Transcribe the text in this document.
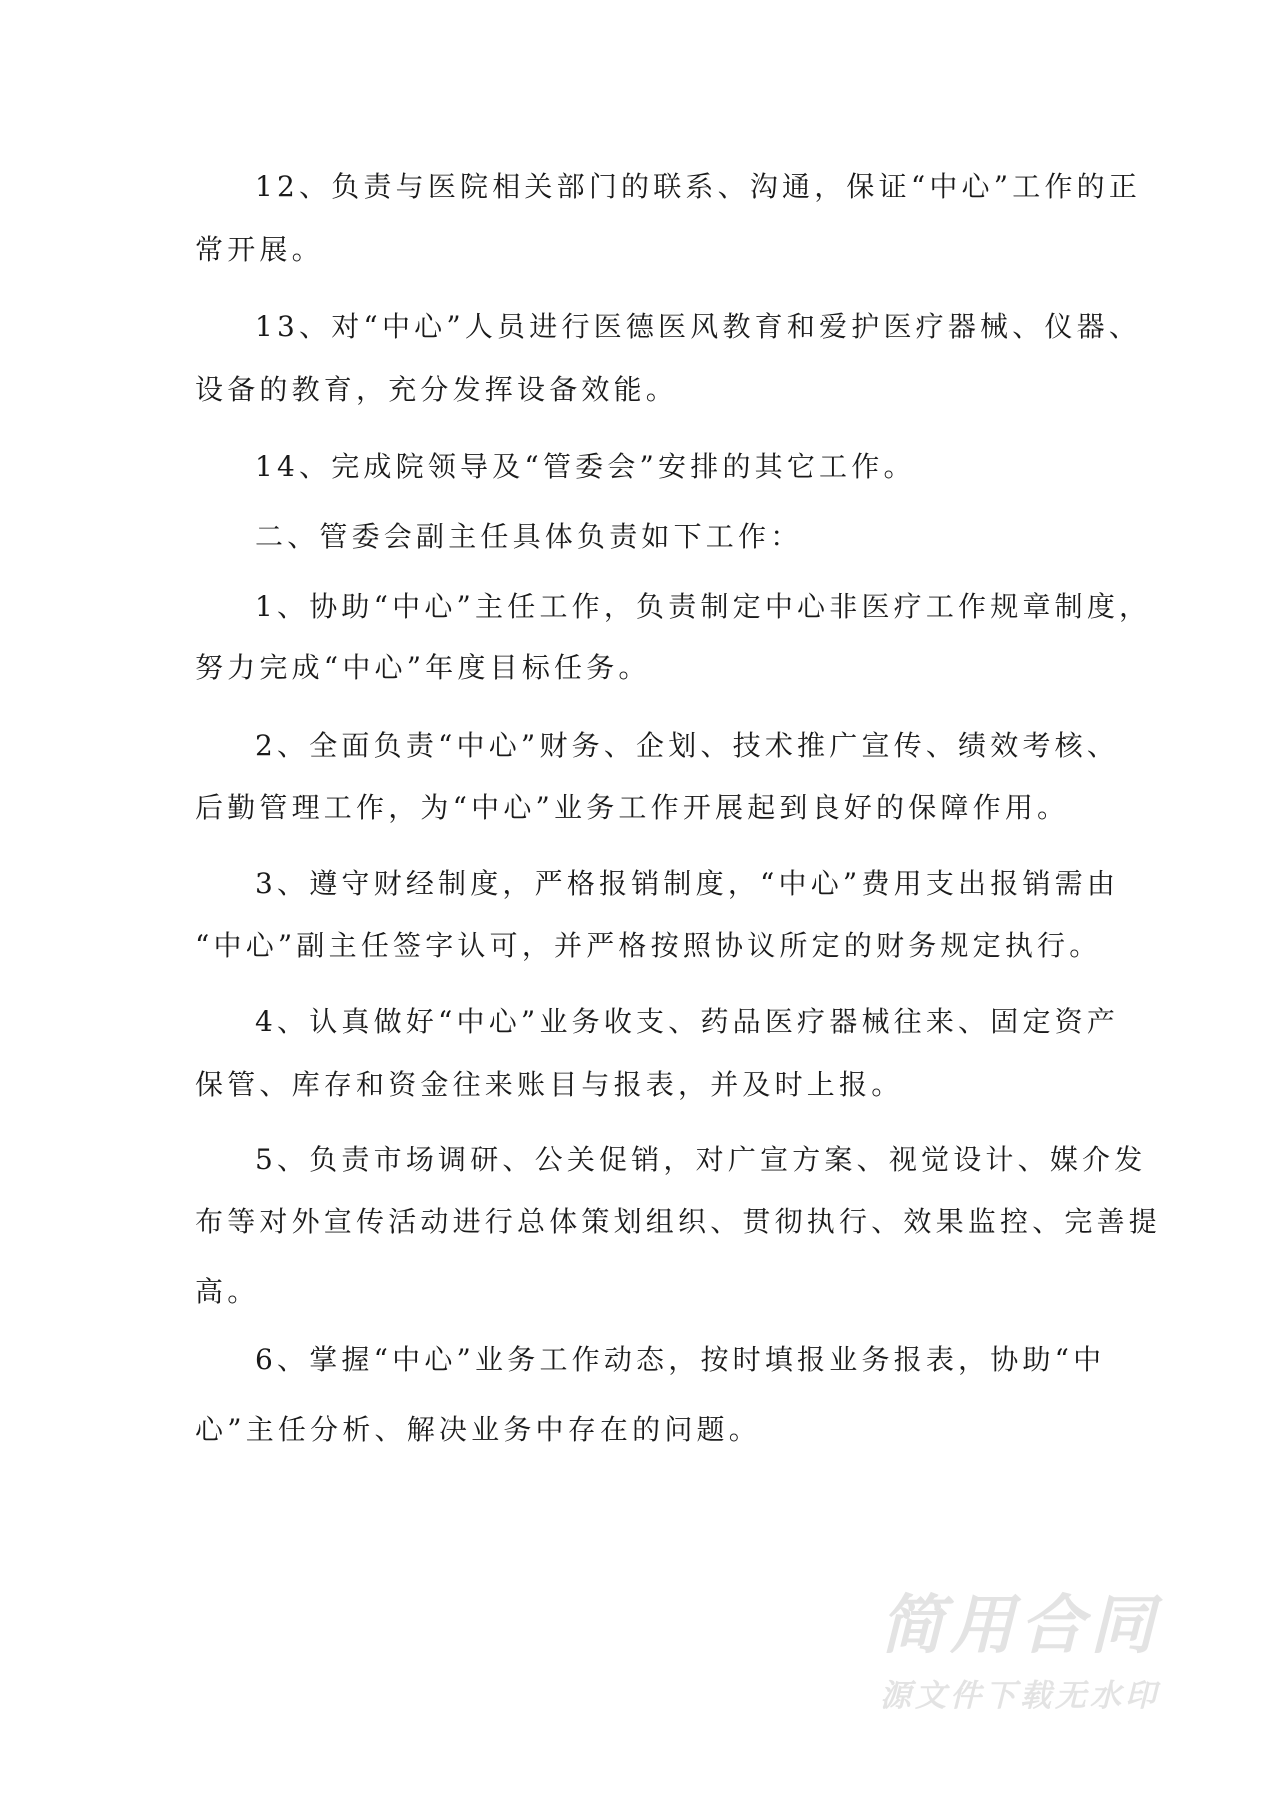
12、负责与医院相关部门的联系、沟通，保证“中心”工作的正
常开展。
13、对“中心”人员进行医德医风教育和爱护医疗器械、仪器、
设备的教育，充分发挥设备效能。
14、完成院领导及“管委会”安排的其它工作。
二、管委会副主任具体负责如下工作：
1、协助“中心”主任工作，负责制定中心非医疗工作规章制度，
努力完成“中心”年度目标任务。
2、全面负责“中心”财务、企划、技术推广宣传、绩效考核、
后勤管理工作，为“中心”业务工作开展起到良好的保障作用。
3、遵守财经制度，严格报销制度，“中心”费用支出报销需由
“中心”副主任签字认可，并严格按照协议所定的财务规定执行。
4、认真做好“中心”业务收支、药品医疗器械往来、固定资产
保管、库存和资金往来账目与报表，并及时上报。
5、负责市场调研、公关促销，对广宣方案、视觉设计、媒介发
布等对外宣传活动进行总体策划组织、贯彻执行、效果监控、完善提
高。
6、掌握“中心”业务工作动态，按时填报业务报表，协助“中
心”主任分析、解决业务中存在的问题。
简用合同
源文件下载无水印
